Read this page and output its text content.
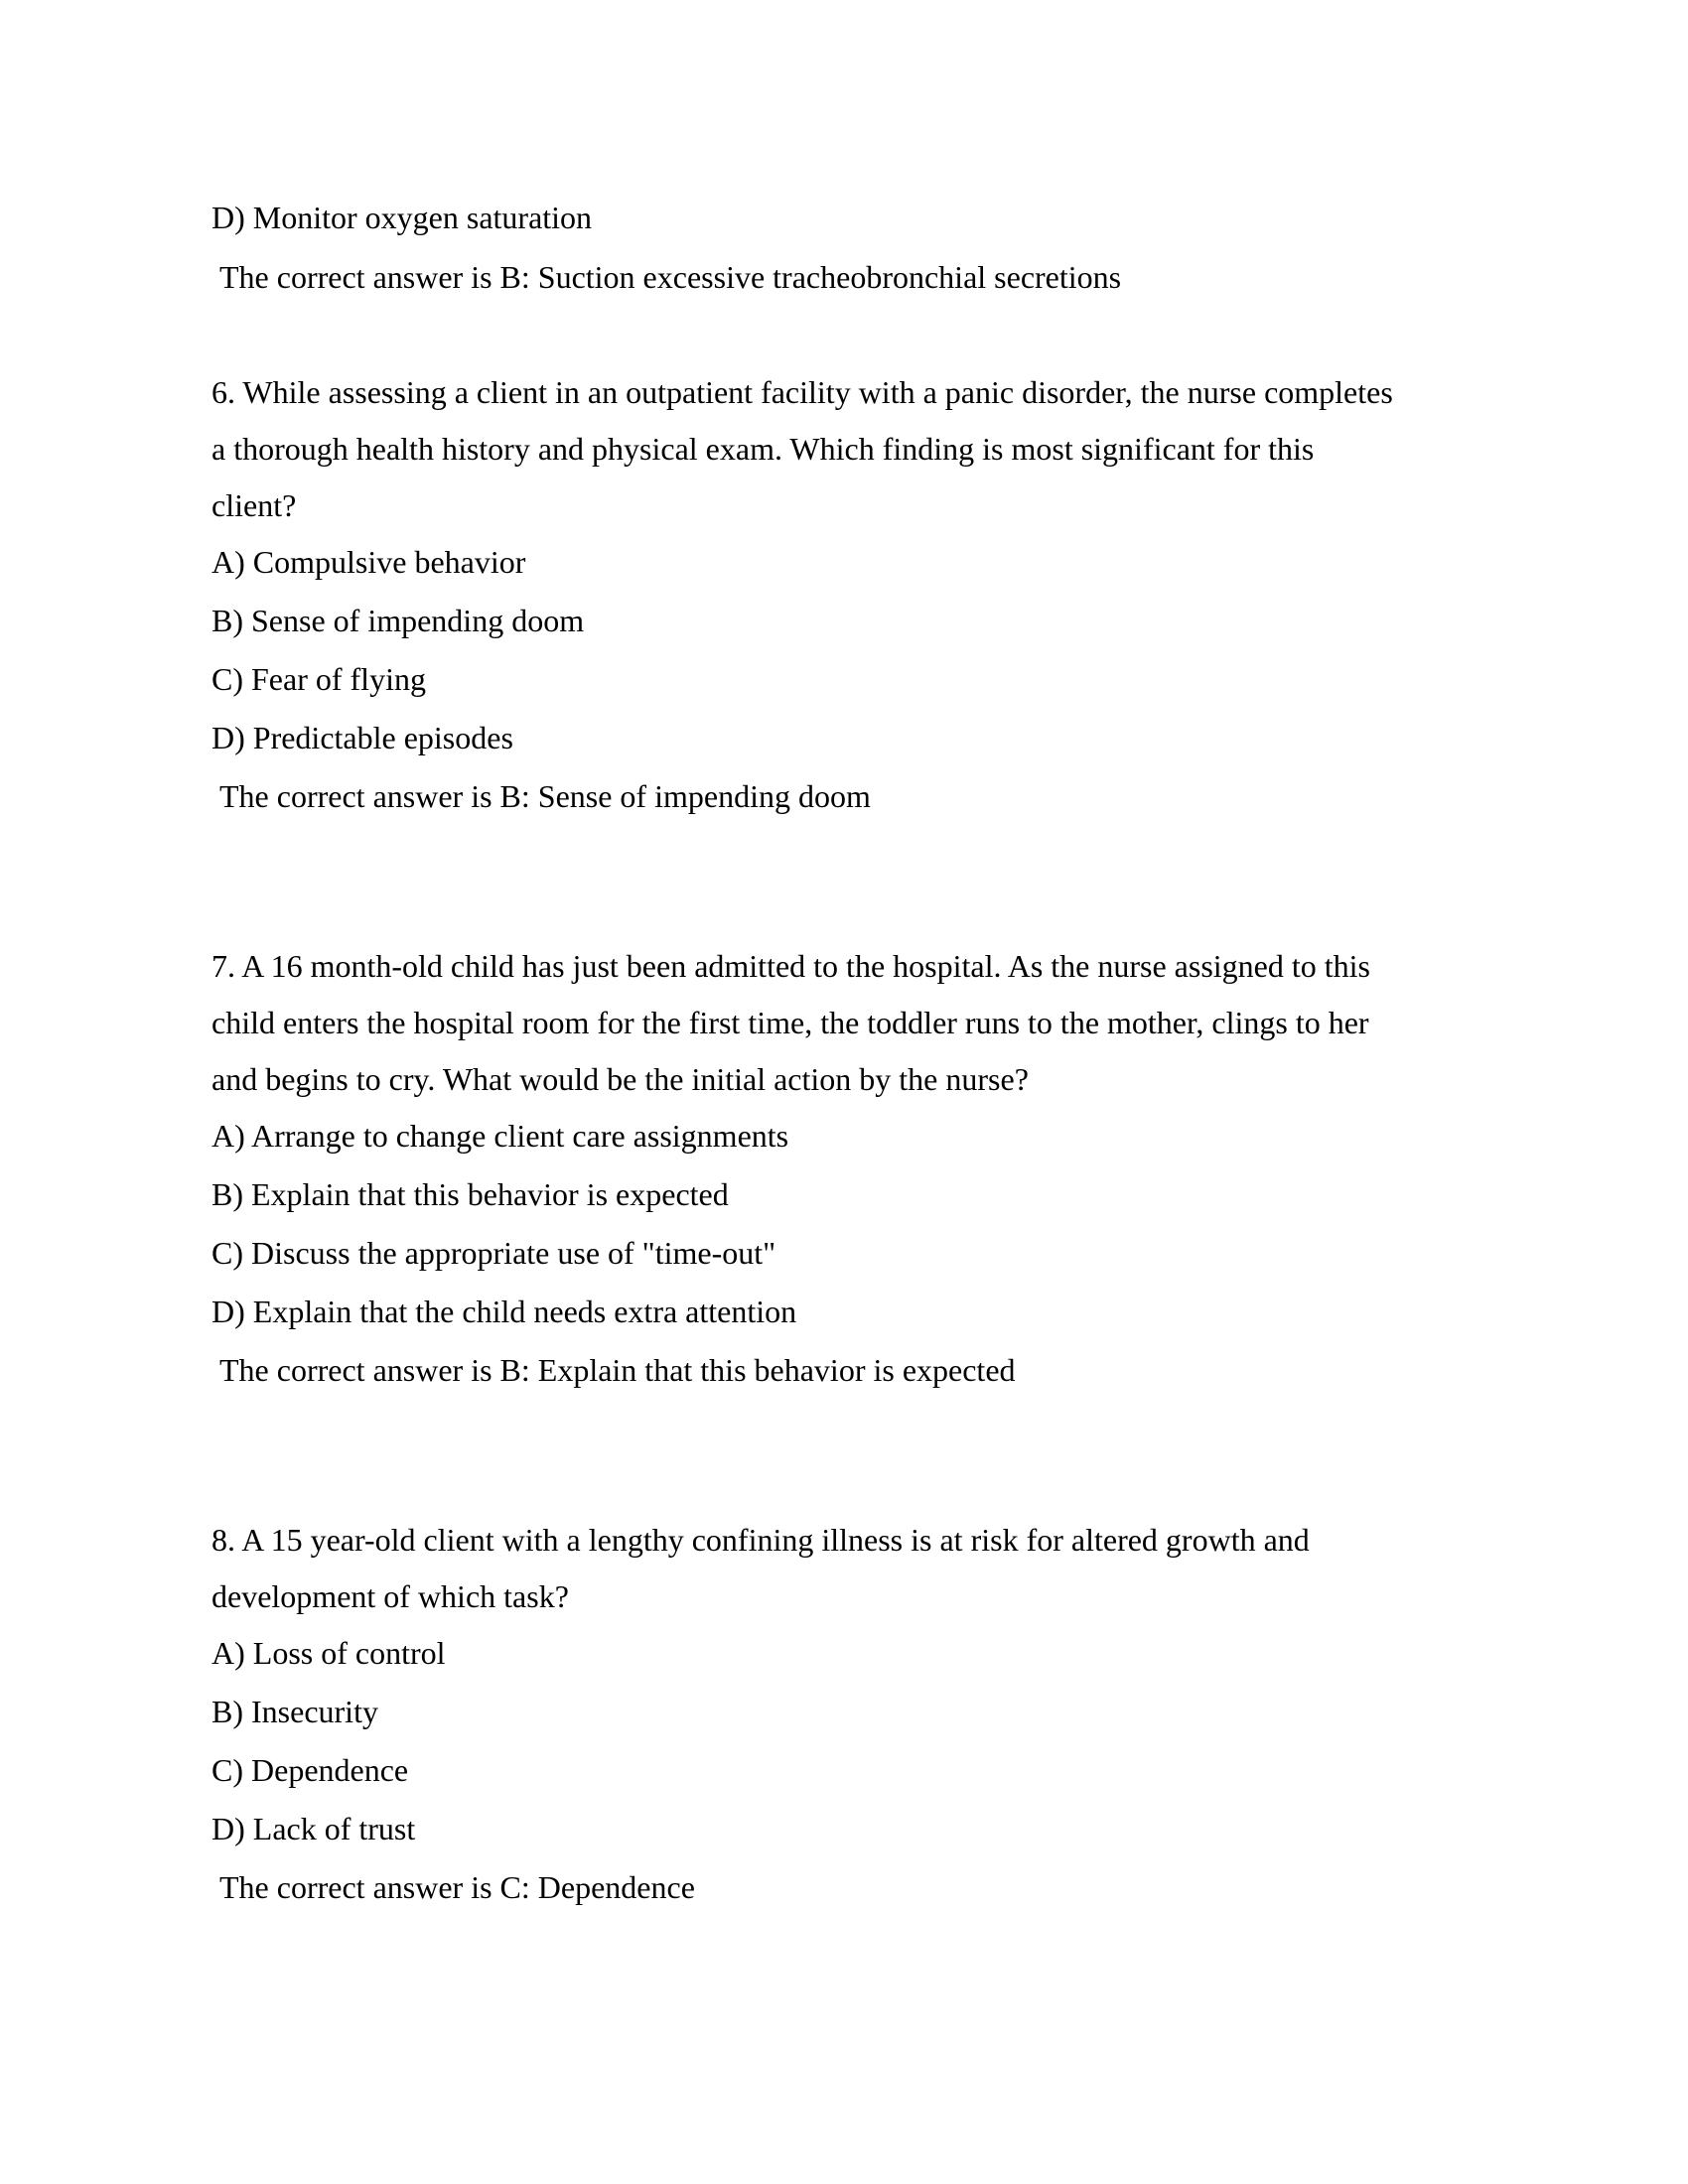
D) Monitor oxygen saturation

The correct answer is B: Suction excessive tracheobronchial secretions

6. While assessing a client in an outpatient facility with a panic disorder, the nurse completes

a thorough health history and physical exam. Which finding is most significant for this

client?

A) Compulsive behavior

B) Sense of impending doom

C) Fear of flying

D) Predictable episodes

The correct answer is B: Sense of impending doom

7. A 16 month-old child has just been admitted to the hospital. As the nurse assigned to this

child enters the hospital room for the first time, the toddler runs to the mother, clings to her

and begins to cry. What would be the initial action by the nurse?

A) Arrange to change client care assignments

B) Explain that this behavior is expected

C) Discuss the appropriate use of "time-out"

D) Explain that the child needs extra attention

The correct answer is B: Explain that this behavior is expected

8. A 15 year-old client with a lengthy confining illness is at risk for altered growth and

development of which task?

A) Loss of control

B) Insecurity

C) Dependence

D) Lack of trust

The correct answer is C: Dependence
